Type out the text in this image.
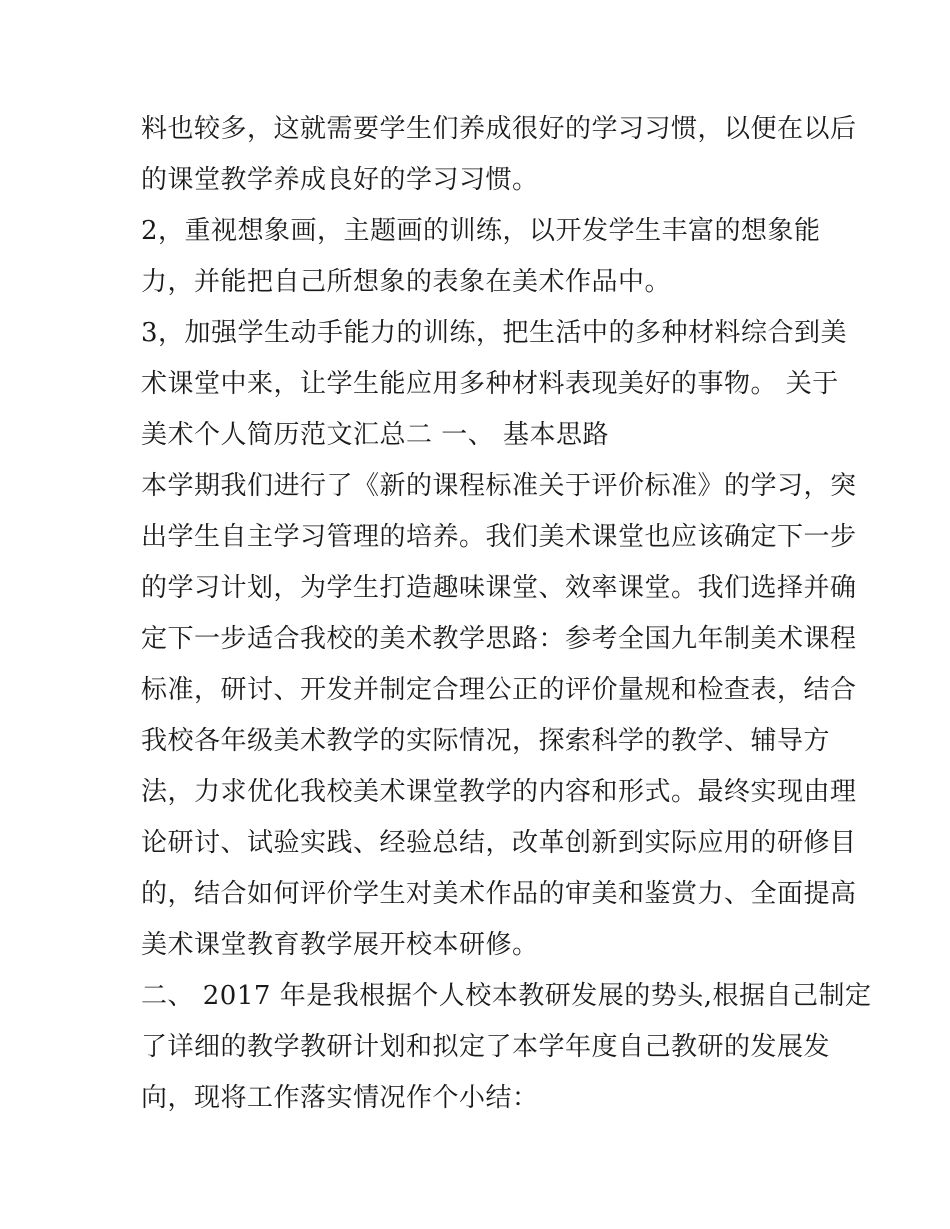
料也较多，这就需要学生们养成很好的学习习惯，以便在以后
的课堂教学养成良好的学习习惯。
2，重视想象画，主题画的训练，以开发学生丰富的想象能
力，并能把自己所想象的表象在美术作品中。
3，加强学生动手能力的训练，把生活中的多种材料综合到美
术课堂中来，让学生能应用多种材料表现美好的事物。 关于
美术个人简历范文汇总二 一、 基本思路
本学期我们进行了《新的课程标准关于评价标准》的学习，突
出学生自主学习管理的培养。我们美术课堂也应该确定下一步
的学习计划，为学生打造趣味课堂、效率课堂。我们选择并确
定下一步适合我校的美术教学思路：参考全国九年制美术课程
标准，研讨、开发并制定合理公正的评价量规和检查表，结合
我校各年级美术教学的实际情况，探索科学的教学、辅导方
法，力求优化我校美术课堂教学的内容和形式。最终实现由理
论研讨、试验实践、经验总结，改革创新到实际应用的研修目
的，结合如何评价学生对美术作品的审美和鉴赏力、全面提高
美术课堂教育教学展开校本研修。
二、 2017 年是我根据个人校本教研发展的势头,根据自己制定
了详细的教学教研计划和拟定了本学年度自己教研的发展发
向，现将工作落实情况作个小结：
